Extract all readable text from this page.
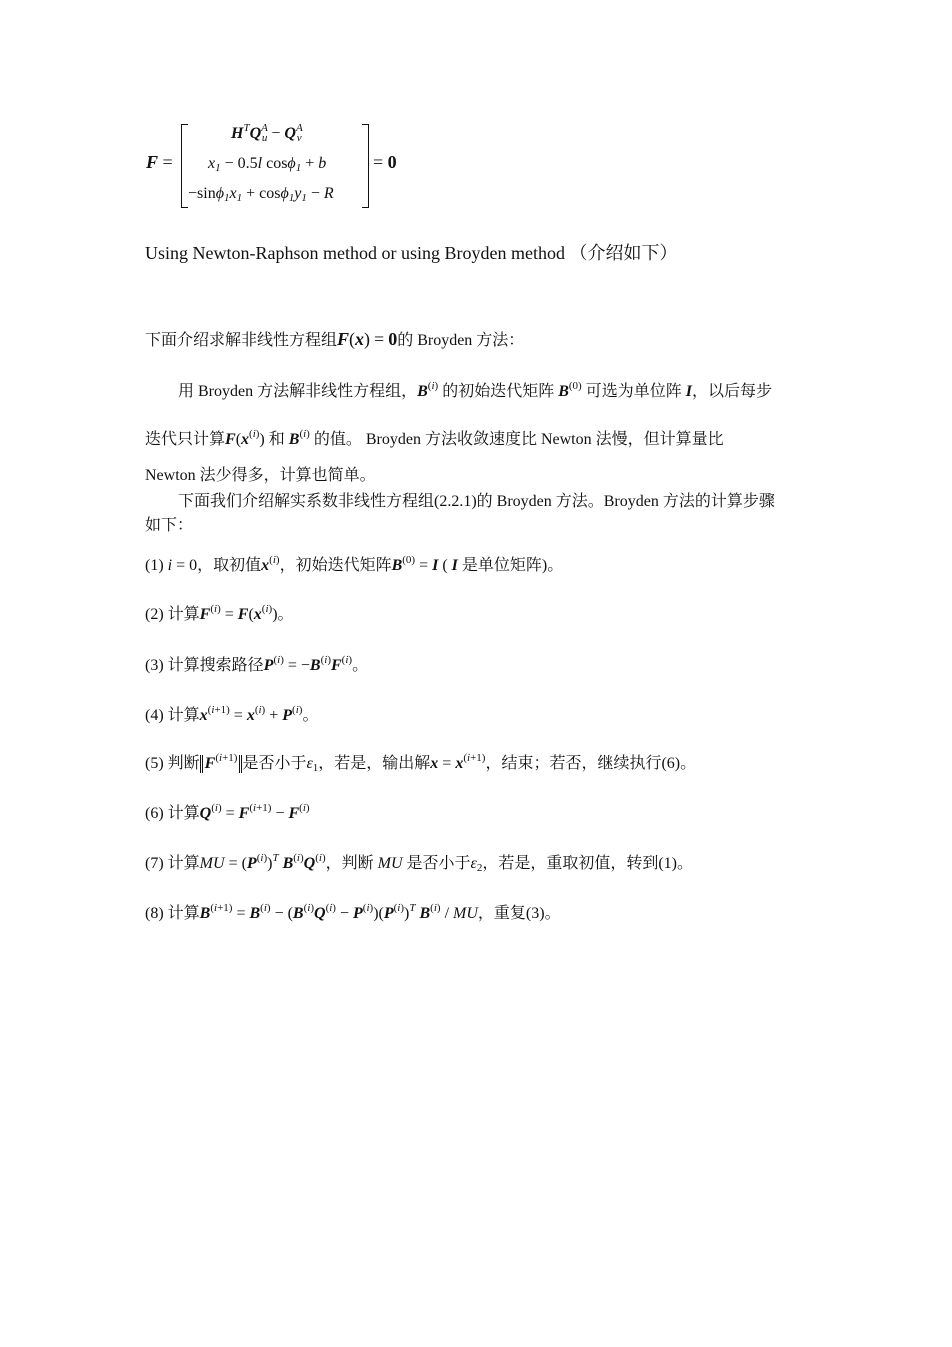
F =
$H^TQ^A_u - Q^A_v$
$x_1 - 0.5l$ cosϕ$_1$ + b
$-\sin\phi_1x_1 + \cos\phi_1y_1 - R$
= 0
Using Newton-Raphson method or using Broyden method （介绍如下）
下面介绍求解非线性方程组F(x) = 0的 Broyden 方法：
用 Broyden 方法解非线性方程组，$B^{(i)}$ 的初始迭代矩阵 $B^{(0)}$ 可选为单位阵 I，以后每步
迭代只计算$F(x^{(i)})$ 和 $B^{(i)}$ 的值。 Broyden 方法收敛速度比 Newton 法慢，但计算量比
Newton 法少得多，计算也简单。
下面我们介绍解实系数非线性方程组(2.2.1)的 Broyden 方法。Broyden 方法的计算步骤
如下：
(1) i = 0，取初值$x^{(i)}$，初始迭代矩阵$B^{(0)} = I$ ( I 是单位矩阵)。
(2) 计算$F^{(i)} = F(x^{(i)})$。
(3) 计算搜索路径$P^{(i)} = -B^{(i)}F^{(i)}$。
(4) 计算$x^{(i+1)} = x^{(i)} + P^{(i)}$。
(5) 判断 $F^{(i+1)}$ 是否小于$\varepsilon_1$，若是，输出解$x = x^{(i+1)}$，结束；若否，继续执行(6)。
(6) 计算$Q^{(i)} = F^{(i+1)} - F^{(i)}$
(7) 计算MU = $(P^{(i)})^T$ $B^{(i)}Q^{(i)}$，判断 MU 是否小于$\varepsilon_2$，若是，重取初值，转到(1)。
(8) 计算$B^{(i+1)} = B^{(i)} - (B^{(i)}Q^{(i)} - P^{(i)})(P^{(i)})^T$ $B^{(i)}$ / MU，重复(3)。
